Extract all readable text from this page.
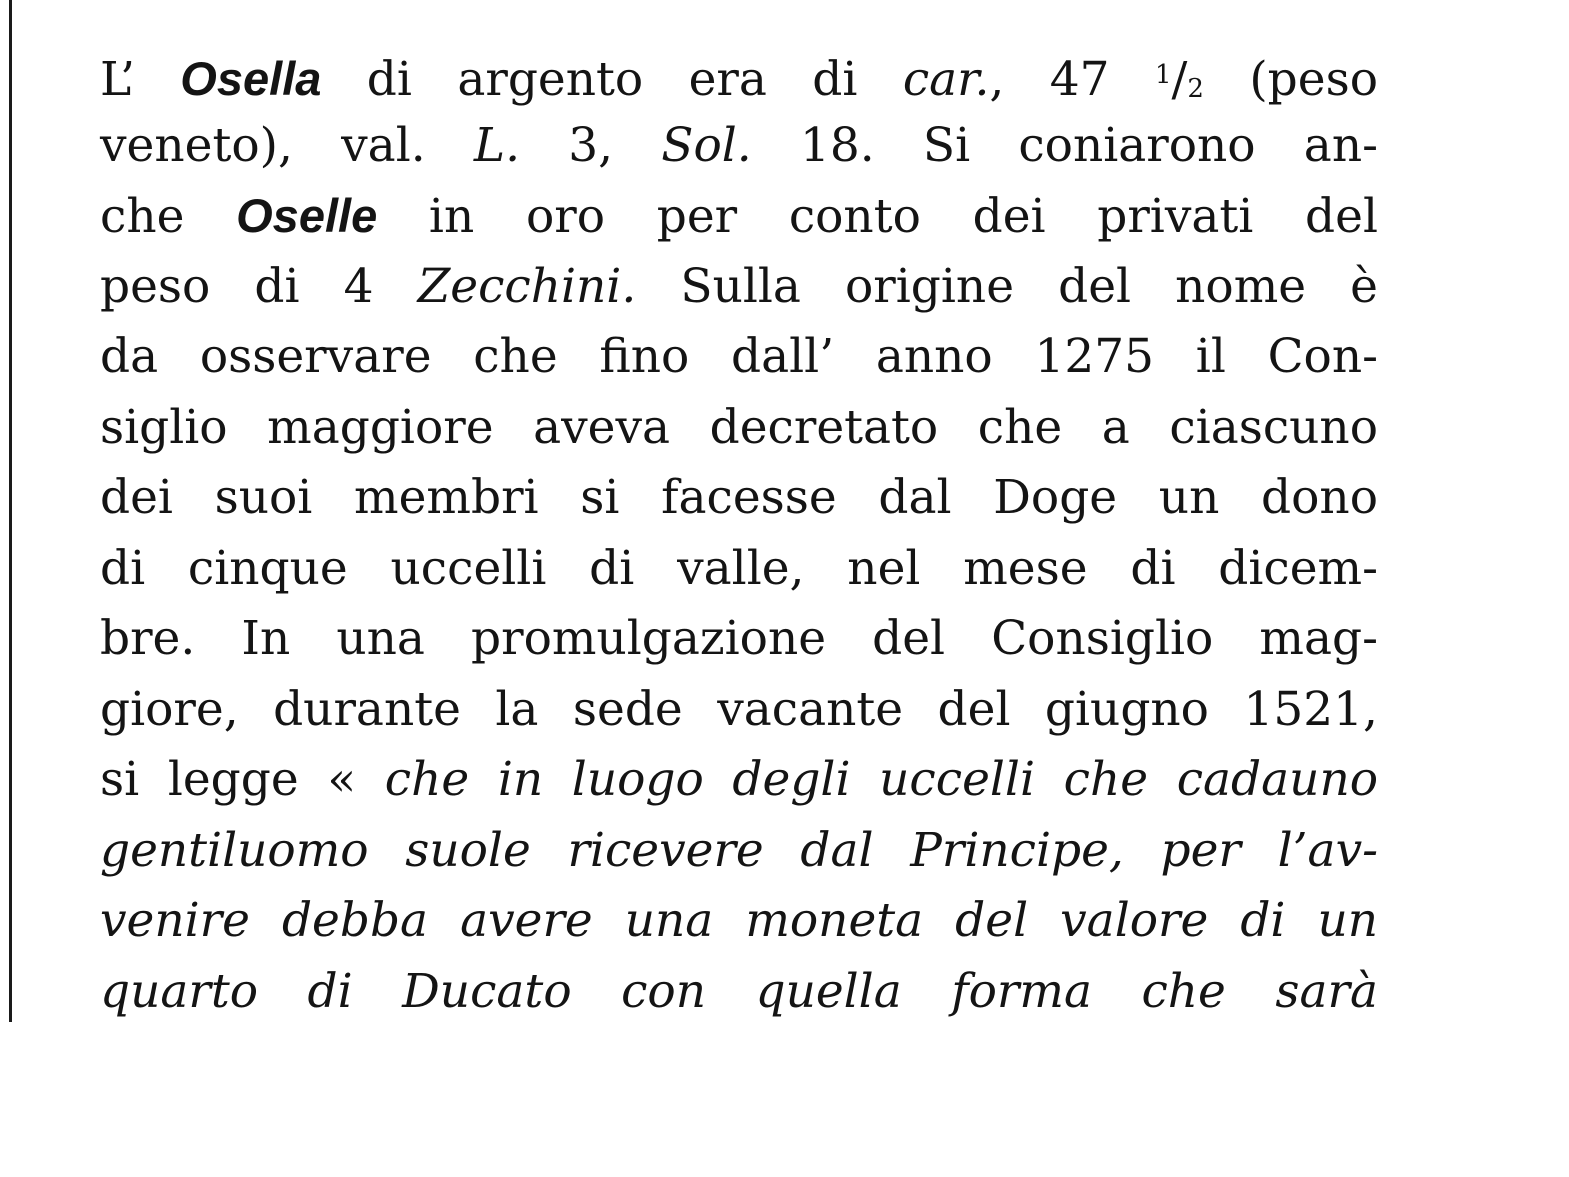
L’ Osella di argento era di car., 47 $^1$/2 (peso
veneto), val. L. 3, Sol. 18. Si coniarono an-
che Oselle in oro per conto dei privati del
peso di 4 Zecchini. Sulla origine del nome è
da osservare che fino dall’ anno 1275 il Con-
siglio maggiore aveva decretato che a ciascuno
dei suoi membri si facesse dal Doge un dono
di cinque uccelli di valle, nel mese di dicem-
bre. In una promulgazione del Consiglio mag-
giore, durante la sede vacante del giugno 1521,
si legge « che in luogo degli uccelli che cadauno
gentiluomo suole ricevere dal Principe, per l’av-
venire debba avere una moneta del valore di un
quarto di Ducato con quella forma che sarà
